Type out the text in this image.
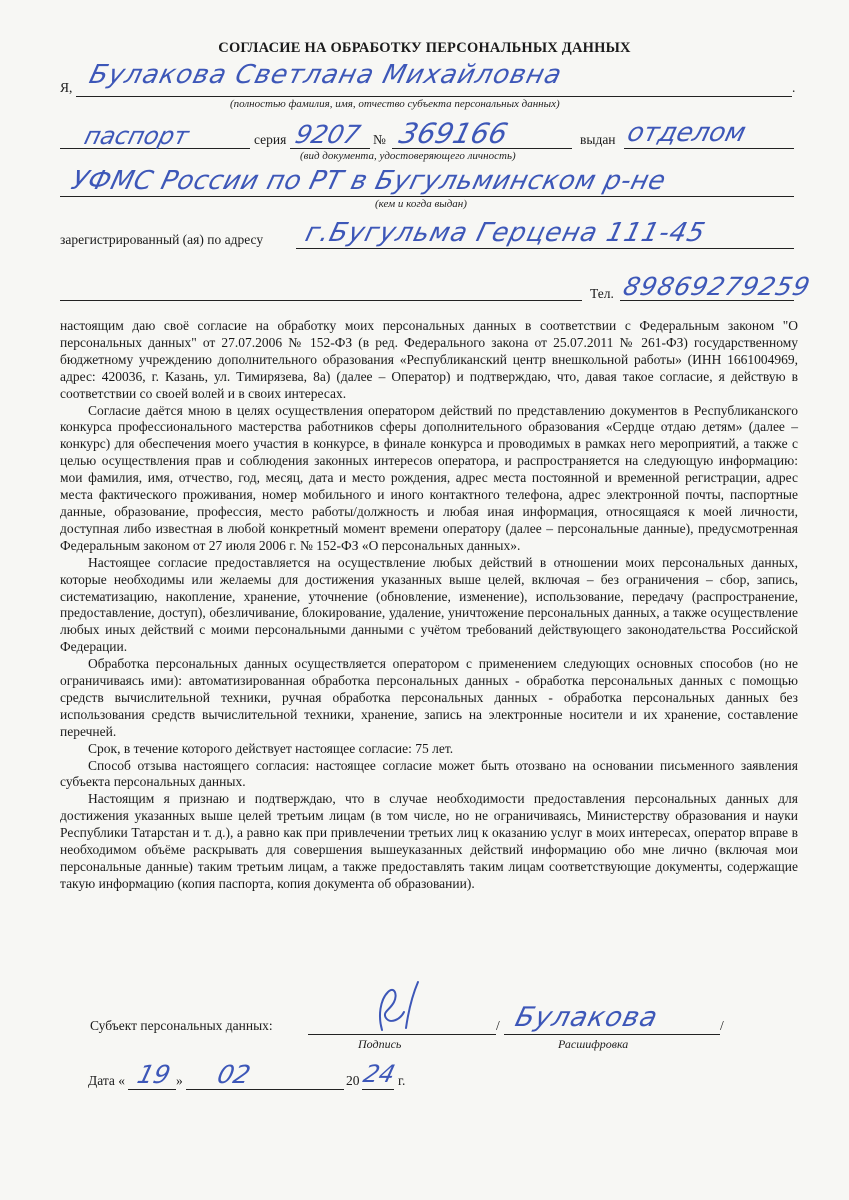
СОГЛАСИЕ НА ОБРАБОТКУ ПЕРСОНАЛЬНЫХ ДАННЫХ
Я,	.
Булакова Светлана Михайловна
(полностью фамилия, имя, отчество субъекта персональных данных)
паспорт	серия 9207 № 369166	выдан отделом
(вид документа, удостоверяющего личность)
УФМС России по РТ в Бугульминском р-не
(кем и когда выдан)
зарегистрированный (ая) по адресу г.Бугульма Герцена 111-45
Тел. 89869279259

настоящим даю своё согласие на обработку моих персональных данных в соответствии с Федеральным законом "О персональных данных" от 27.07.2006 № 152-ФЗ (в ред. Федерального закона от 25.07.2011 № 261-ФЗ) государственному бюджетному учреждению дополнительного образования «Республиканский центр внешкольной работы» (ИНН 1661004969, адрес: 420036, г. Казань, ул. Тимирязева, 8а) (далее – Оператор) и подтверждаю, что, давая такое согласие, я действую в соответствии со своей волей и в своих интересах.

Согласие даётся мною в целях осуществления оператором действий по представлению документов в Республиканского конкурса профессионального мастерства работников сферы дополнительного образования «Сердце отдаю детям» (далее – конкурс) для обеспечения моего участия в конкурсе, в финале конкурса и проводимых в рамках него мероприятий, а также с целью осуществления прав и соблюдения законных интересов оператора, и распространяется на следующую информацию: мои фамилия, имя, отчество, год, месяц, дата и место рождения, адрес места постоянной и временной регистрации, адрес места фактического проживания, номер мобильного и иного контактного телефона, адрес электронной почты, паспортные данные, образование, профессия, место работы/должность и любая иная информация, относящаяся к моей личности, доступная либо известная в любой конкретный момент времени оператору (далее – персональные данные), предусмотренная Федеральным законом от 27 июля 2006 г. № 152-ФЗ «О персональных данных».

Настоящее согласие предоставляется на осуществление любых действий в отношении моих персональных данных, которые необходимы или желаемы для достижения указанных выше целей, включая – без ограничения – сбор, запись, систематизацию, накопление, хранение, уточнение (обновление, изменение), использование, передачу (распространение, предоставление, доступ), обезличивание, блокирование, удаление, уничтожение персональных данных, а также осуществление любых иных действий с моими персональными данными с учётом требований действующего законодательства Российской Федерации.

Обработка персональных данных осуществляется оператором с применением следующих основных способов (но не ограничиваясь ими): автоматизированная обработка персональных данных - обработка персональных данных с помощью средств вычислительной техники, ручная обработка персональных данных - обработка персональных данных без использования средств вычислительной техники, хранение, запись на электронные носители и их хранение, составление перечней.

Срок, в течение которого действует настоящее согласие: 75 лет.

Способ отзыва настоящего согласия: настоящее согласие может быть отозвано на основании письменного заявления субъекта персональных данных.

Настоящим я признаю и подтверждаю, что в случае необходимости предоставления персональных данных для достижения указанных выше целей третьим лицам (в том числе, но не ограничиваясь, Министерству образования и науки Республики Татарстан и т. д.), а равно как при привлечении третьих лиц к оказанию услуг в моих интересах, оператор вправе в необходимом объёме раскрывать для совершения вышеуказанных действий информацию обо мне лично (включая мои персональные данные) таким третьим лицам, а также предоставлять таким лицам соответствующие документы, содержащие такую информацию (копия паспорта, копия документа об образовании).

Субъект персональных данных:	/	/
Булакова
Подпись	Расшифровка
Дата « 19 » 02	20 24 г.
